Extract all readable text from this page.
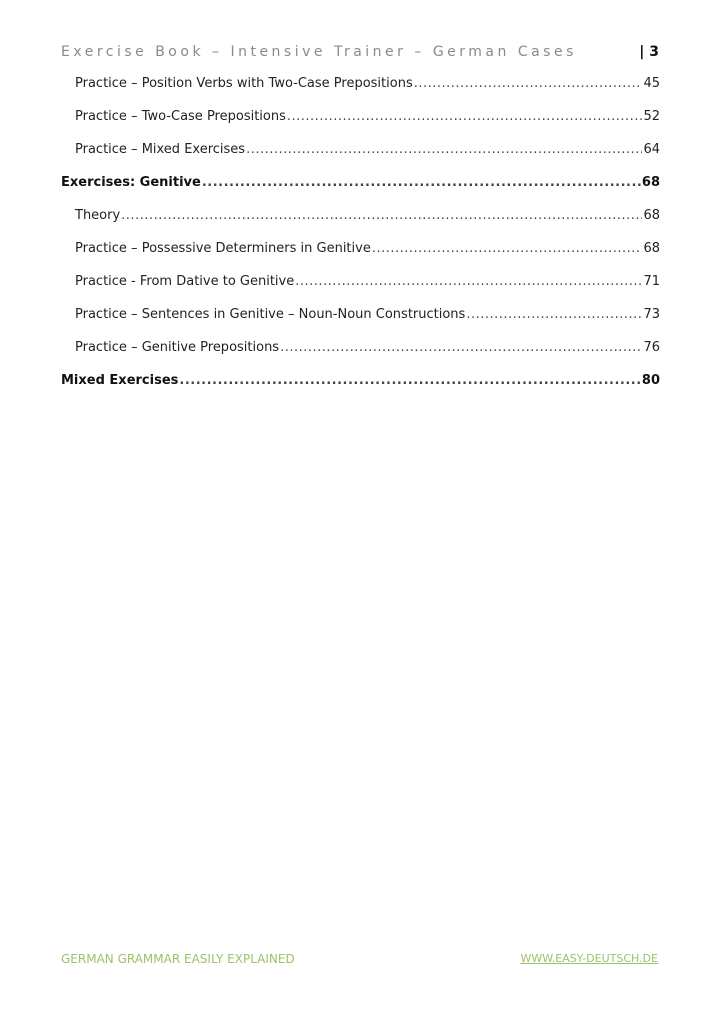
Exercise Book – Intensive Trainer – German Cases	| 3
Practice – Position Verbs with Two-Case Prepositions .....	45
Practice – Two-Case Prepositions .....	52
Practice – Mixed Exercises .....	64
Exercises: Genitive .....	68
Theory .....	68
Practice – Possessive Determiners in Genitive .....	68
Practice - From Dative to Genitive .....	71
Practice – Sentences in Genitive – Noun-Noun Constructions .....	73
Practice – Genitive Prepositions .....	76
Mixed Exercises .....	80
GERMAN GRAMMAR EASILY EXPLAINED	WWW.EASY-DEUTSCH.DE
